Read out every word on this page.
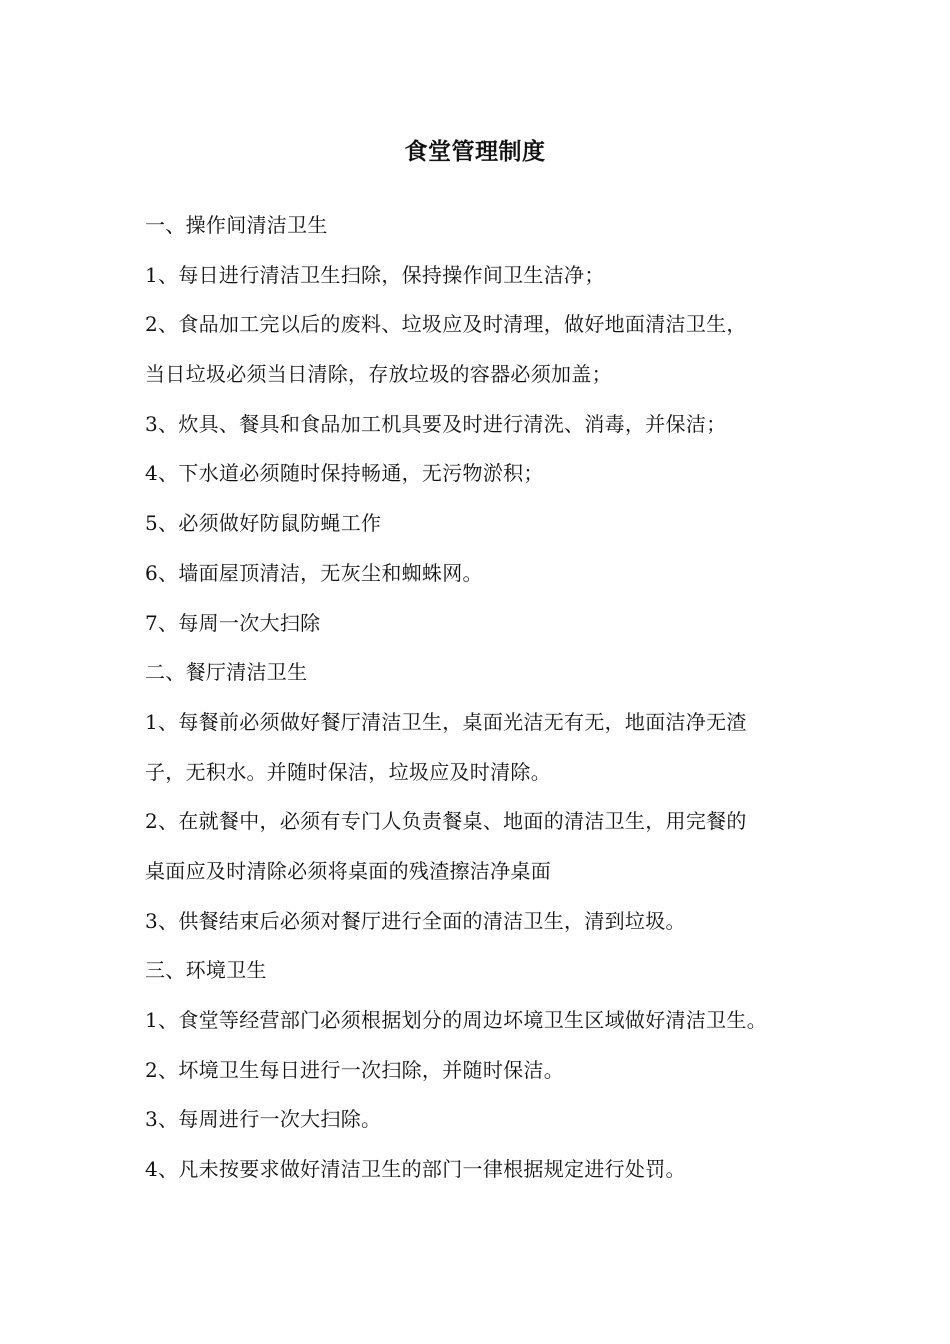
食堂管理制度
一、操作间清洁卫生
1、每日进行清洁卫生扫除，保持操作间卫生洁净；
2、食品加工完以后的废料、垃圾应及时清理，做好地面清洁卫生，
当日垃圾必须当日清除，存放垃圾的容器必须加盖；
3、炊具、餐具和食品加工机具要及时进行清洗、消毒，并保洁；
4、下水道必须随时保持畅通，无污物淤积；
5、必须做好防鼠防蝇工作
6、墙面屋顶清洁，无灰尘和蜘蛛网。
7、每周一次大扫除
二、餐厅清洁卫生
1、每餐前必须做好餐厅清洁卫生，桌面光洁无有无，地面洁净无渣
子，无积水。并随时保洁，垃圾应及时清除。
2、在就餐中，必须有专门人负责餐桌、地面的清洁卫生，用完餐的
桌面应及时清除必须将桌面的残渣擦洁净桌面
3、供餐结束后必须对餐厅进行全面的清洁卫生，清到垃圾。
三、环境卫生
1、食堂等经营部门必须根据划分的周边坏境卫生区域做好清洁卫生。
2、坏境卫生每日进行一次扫除，并随时保洁。
3、每周进行一次大扫除。
4、凡未按要求做好清洁卫生的部门一律根据规定进行处罚。
